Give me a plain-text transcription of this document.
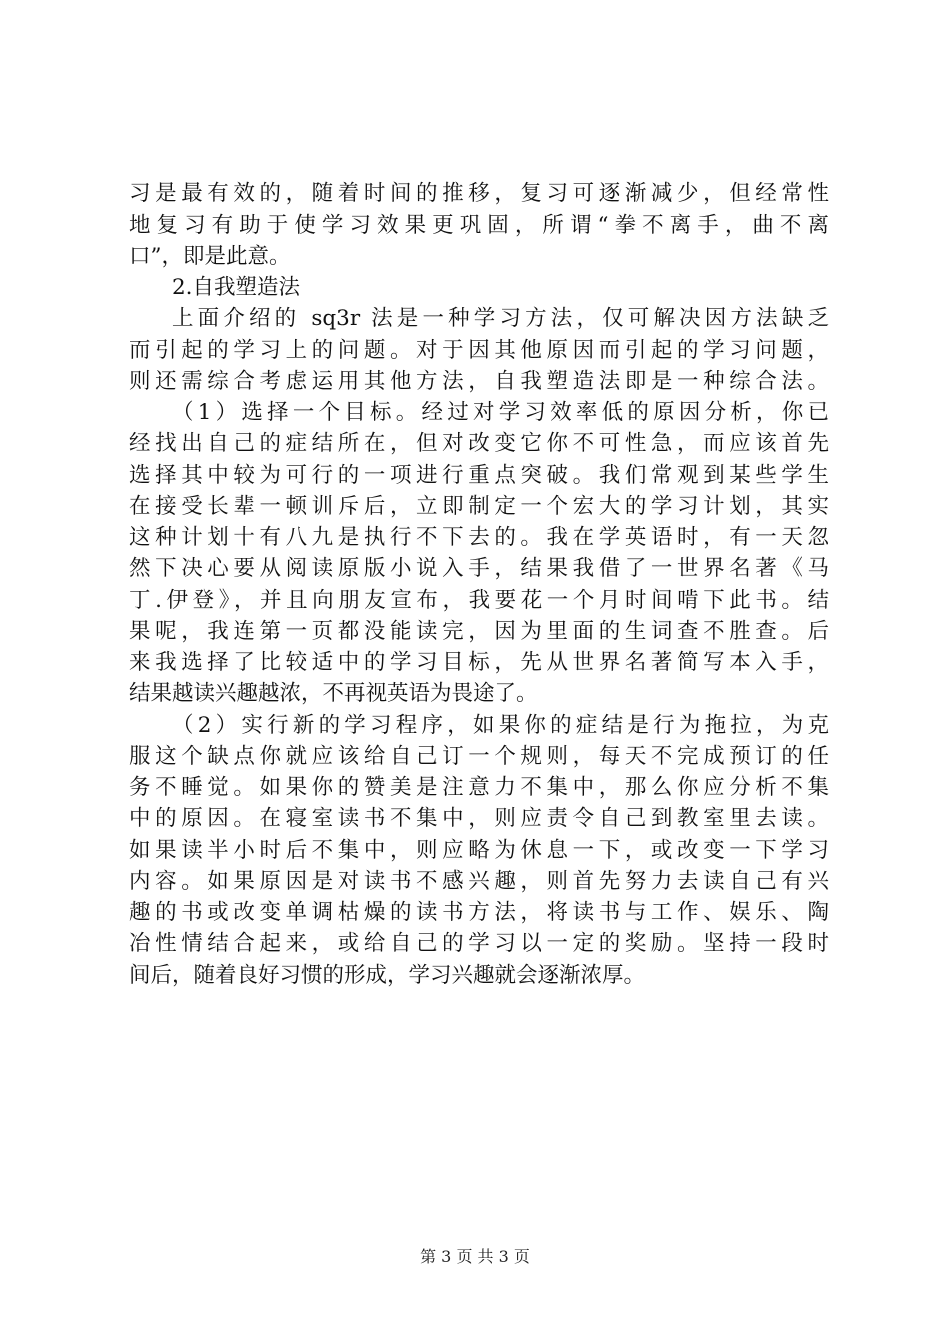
习是最有效的，随着时间的推移，复习可逐渐减少，但经常性
地复习有助于使学习效果更巩固，所谓“拳不离手，曲不离
口”，即是此意。
2.自我塑造法
上面介绍的 sq3r 法是一种学习方法，仅可解决因方法缺乏
而引起的学习上的问题。对于因其他原因而引起的学习问题，
则还需综合考虑运用其他方法，自我塑造法即是一种综合法。
（1）选择一个目标。经过对学习效率低的原因分析，你已
经找出自己的症结所在，但对改变它你不可性急，而应该首先
选择其中较为可行的一项进行重点突破。我们常观到某些学生
在接受长辈一顿训斥后，立即制定一个宏大的学习计划，其实
这种计划十有八九是执行不下去的。我在学英语时，有一天忽
然下决心要从阅读原版小说入手，结果我借了一世界名著《马
丁.伊登》，并且向朋友宣布，我要花一个月时间啃下此书。结
果呢，我连第一页都没能读完，因为里面的生词查不胜查。后
来我选择了比较适中的学习目标，先从世界名著简写本入手，
结果越读兴趣越浓，不再视英语为畏途了。
（2）实行新的学习程序，如果你的症结是行为拖拉，为克
服这个缺点你就应该给自己订一个规则，每天不完成预订的任
务不睡觉。如果你的赞美是注意力不集中，那么你应分析不集
中的原因。在寝室读书不集中，则应责令自己到教室里去读。
如果读半小时后不集中，则应略为休息一下，或改变一下学习
内容。如果原因是对读书不感兴趣，则首先努力去读自己有兴
趣的书或改变单调枯燥的读书方法，将读书与工作、娱乐、陶
冶性情结合起来，或给自己的学习以一定的奖励。坚持一段时
间后，随着良好习惯的形成，学习兴趣就会逐渐浓厚。
第 3 页 共 3 页
